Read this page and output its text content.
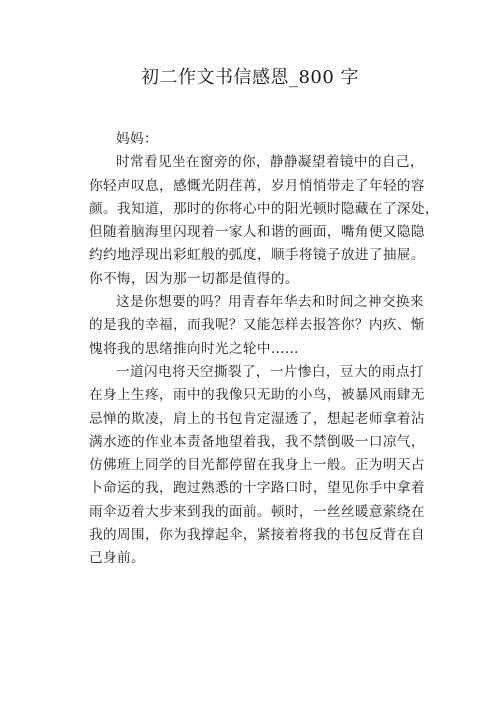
初二作文书信感恩_800 字
妈妈：
时常看见坐在窗旁的你，静静凝望着镜中的自己，
你轻声叹息，感慨光阴荏苒，岁月悄悄带走了年轻的容
颜。我知道，那时的你将心中的阳光顿时隐藏在了深处，
但随着脑海里闪现着一家人和谐的画面，嘴角便又隐隐
约约地浮现出彩虹般的弧度，顺手将镜子放进了抽屉。
你不悔，因为那一切都是值得的。
这是你想要的吗？用青春年华去和时间之神交换来
的是我的幸福，而我呢？又能怎样去报答你？内疚、惭
愧将我的思绪推向时光之轮中……
一道闪电将天空撕裂了，一片惨白，豆大的雨点打
在身上生疼，雨中的我像只无助的小鸟，被暴风雨肆无
忌惮的欺凌，肩上的书包肯定湿透了，想起老师拿着沾
满水迹的作业本责备地望着我，我不禁倒吸一口凉气，
仿佛班上同学的目光都停留在我身上一般。正为明天占
卜命运的我，跑过熟悉的十字路口时，望见你手中拿着
雨伞迈着大步来到我的面前。顿时，一丝丝暖意萦绕在
我的周围，你为我撑起伞，紧接着将我的书包反背在自
己身前。
